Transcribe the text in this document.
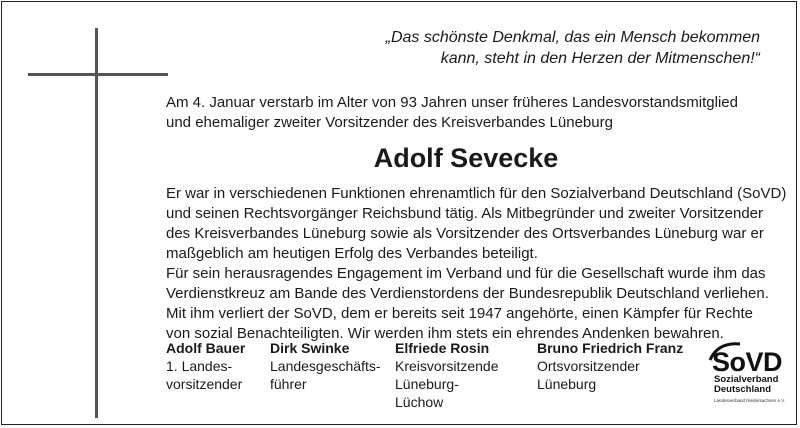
„Das schönste Denkmal, das ein Mensch bekommen
kann, steht in den Herzen der Mitmenschen!“
Am 4. Januar verstarb im Alter von 93 Jahren unser früheres Landesvorstandsmitglied
und ehemaliger zweiter Vorsitzender des Kreisverbandes Lüneburg
Adolf Sevecke
Er war in verschiedenen Funktionen ehrenamtlich für den Sozialverband Deutschland (SoVD)
und seinen Rechtsvorgänger Reichsbund tätig. Als Mitbegründer und zweiter Vorsitzender
des Kreisverbandes Lüneburg sowie als Vorsitzender des Ortsverbandes Lüneburg war er
maßgeblich am heutigen Erfolg des Verbandes beteiligt.
Für sein herausragendes Engagement im Verband und für die Gesellschaft wurde ihm das
Verdienstkreuz am Bande des Verdienstordens der Bundesrepublik Deutschland verliehen.
Mit ihm verliert der SoVD, dem er bereits seit 1947 angehörte, einen Kämpfer für Rechte
von sozial Benachteiligten. Wir werden ihm stets ein ehrendes Andenken bewahren.
Adolf Bauer
1. Landes-
vorsitzender
Dirk Swinke
Landesgeschäfts-
führer
Elfriede Rosin
Kreisvorsitzende
Lüneburg-
Lüchow
Bruno Friedrich Franz
Ortsvorsitzender
Lüneburg
SoVD
Sozialverband
Deutschland
Landesverband Niedersachsen e.V.
